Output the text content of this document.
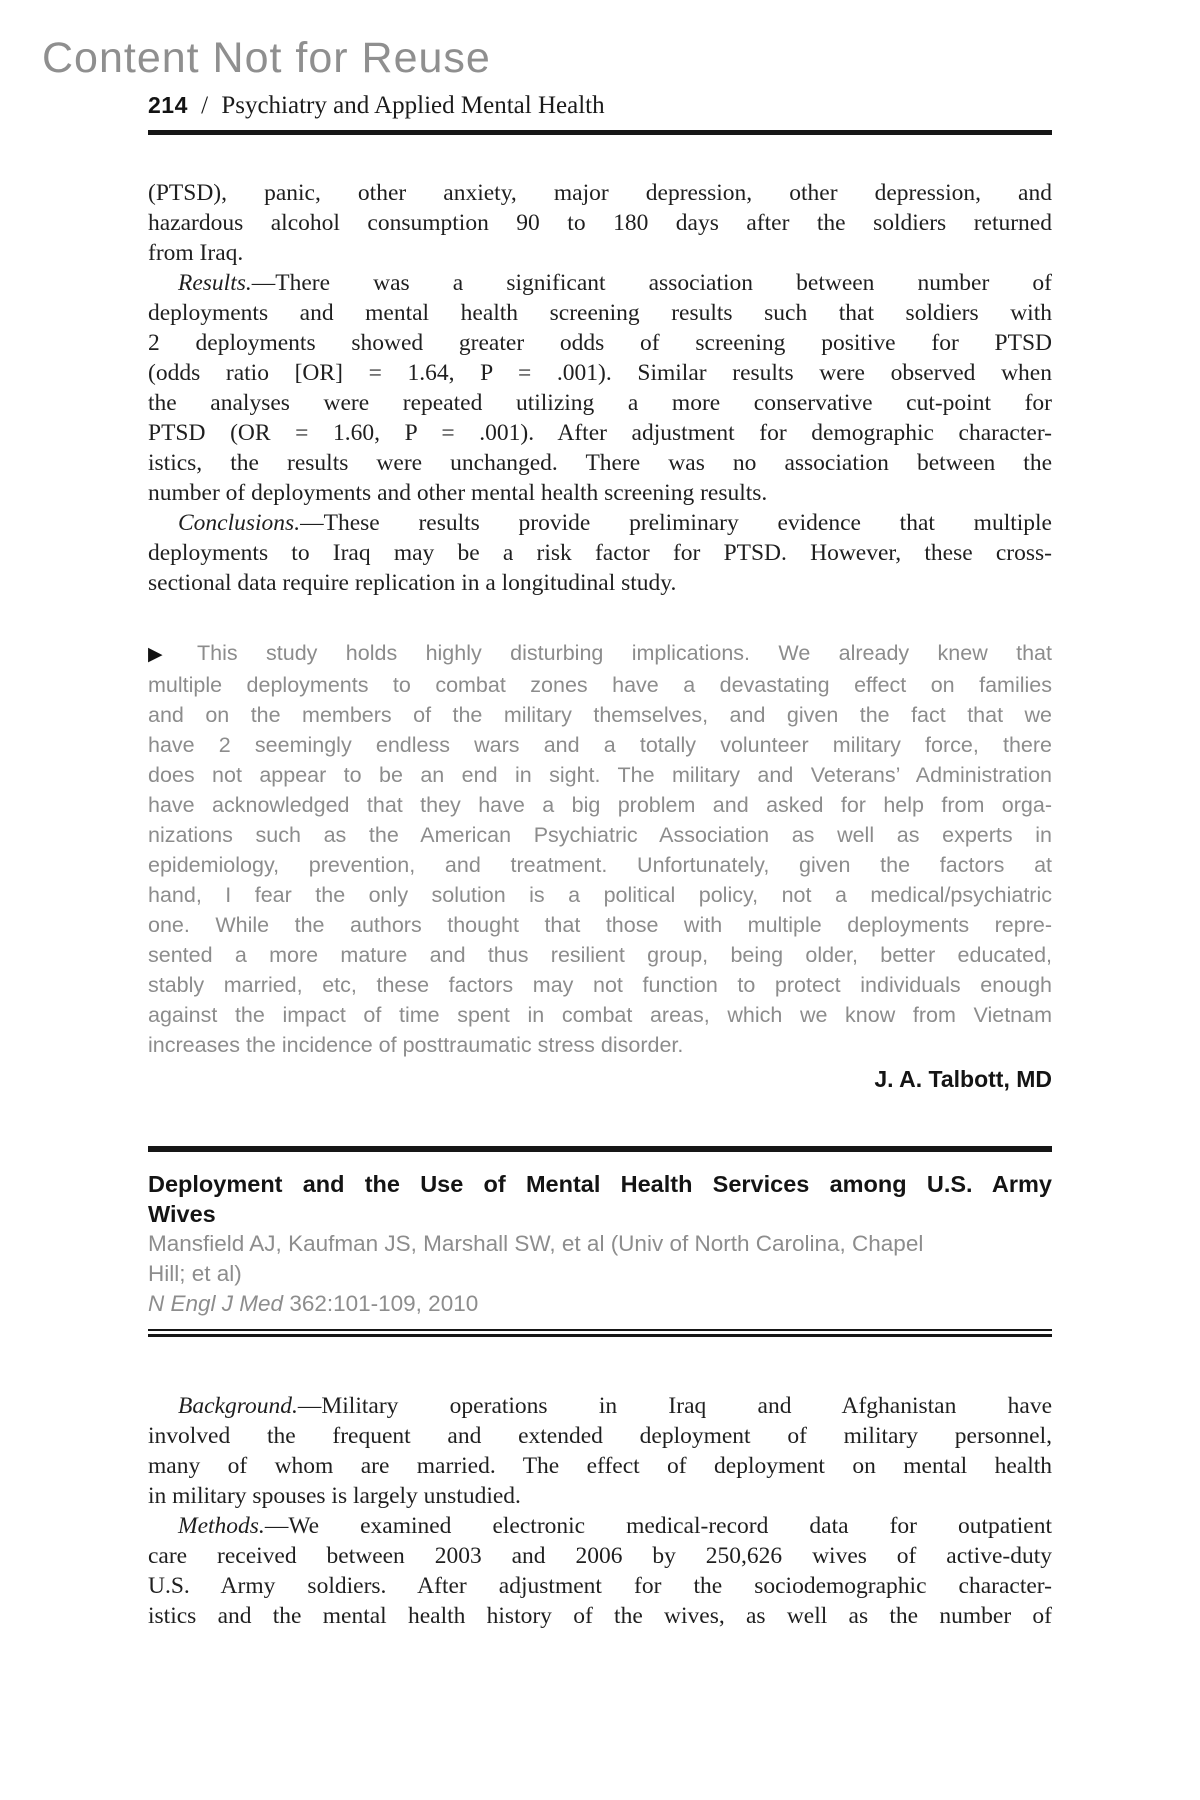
Content Not for Reuse
214 / Psychiatry and Applied Mental Health
(PTSD), panic, other anxiety, major depression, other depression, and
hazardous alcohol consumption 90 to 180 days after the soldiers returned
from Iraq.
Results.—There was a significant association between number of
deployments and mental health screening results such that soldiers with
2 deployments showed greater odds of screening positive for PTSD
(odds ratio [OR] = 1.64, P = .001). Similar results were observed when
the analyses were repeated utilizing a more conservative cut-point for
PTSD (OR = 1.60, P = .001). After adjustment for demographic character-
istics, the results were unchanged. There was no association between the
number of deployments and other mental health screening results.
Conclusions.—These results provide preliminary evidence that multiple
deployments to Iraq may be a risk factor for PTSD. However, these cross-
sectional data require replication in a longitudinal study.
▶ This study holds highly disturbing implications. We already knew that
multiple deployments to combat zones have a devastating effect on families
and on the members of the military themselves, and given the fact that we
have 2 seemingly endless wars and a totally volunteer military force, there
does not appear to be an end in sight. The military and Veterans’ Administration
have acknowledged that they have a big problem and asked for help from orga-
nizations such as the American Psychiatric Association as well as experts in
epidemiology, prevention, and treatment. Unfortunately, given the factors at
hand, I fear the only solution is a political policy, not a medical/psychiatric
one. While the authors thought that those with multiple deployments repre-
sented a more mature and thus resilient group, being older, better educated,
stably married, etc, these factors may not function to protect individuals enough
against the impact of time spent in combat areas, which we know from Vietnam
increases the incidence of posttraumatic stress disorder.
J. A. Talbott, MD
Deployment and the Use of Mental Health Services among U.S. Army
Wives
Mansfield AJ, Kaufman JS, Marshall SW, et al (Univ of North Carolina, Chapel
Hill; et al)
N Engl J Med 362:101-109, 2010
Background.—Military operations in Iraq and Afghanistan have
involved the frequent and extended deployment of military personnel,
many of whom are married. The effect of deployment on mental health
in military spouses is largely unstudied.
Methods.—We examined electronic medical-record data for outpatient
care received between 2003 and 2006 by 250,626 wives of active-duty
U.S. Army soldiers. After adjustment for the sociodemographic character-
istics and the mental health history of the wives, as well as the number of
